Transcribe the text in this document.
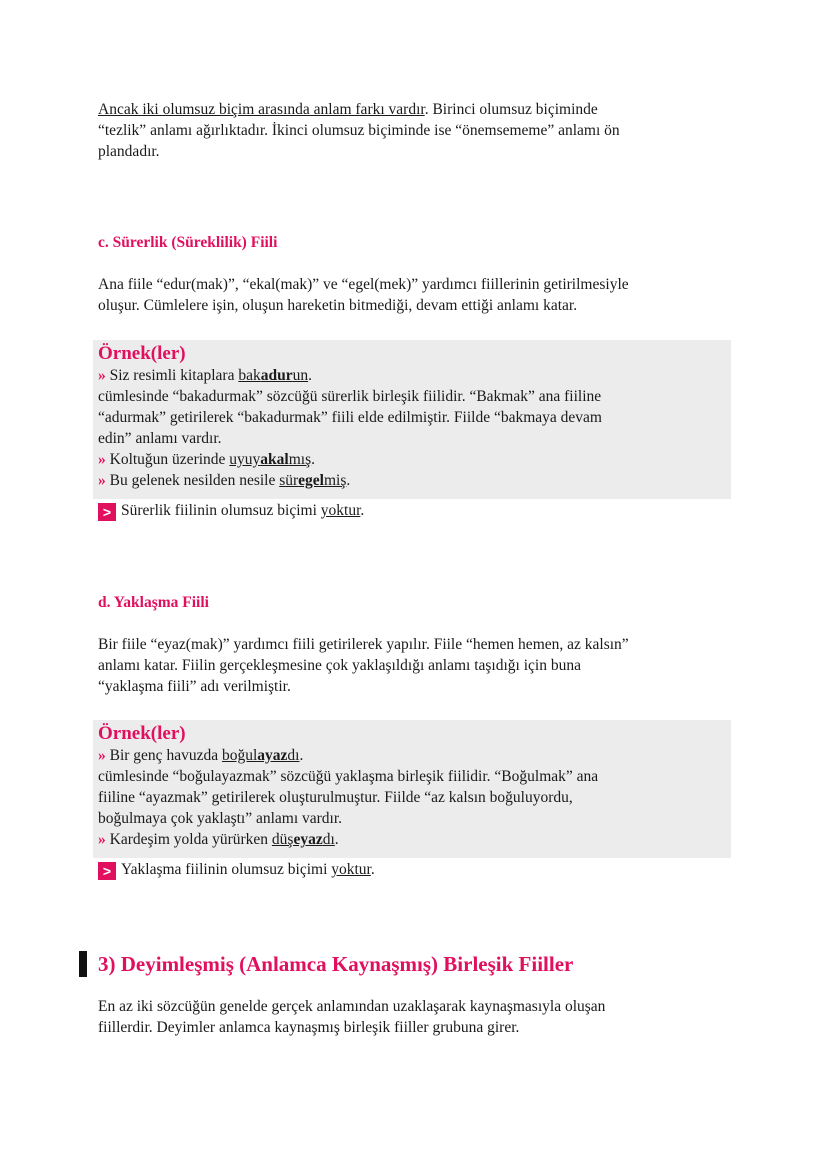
Ancak iki olumsuz biçim arasında anlam farkı vardır. Birinci olumsuz biçiminde
“tezlik” anlamı ağırlıktadır. İkinci olumsuz biçiminde ise “önemsememe” anlamı ön
plandadır.
c. Sürerlik (Süreklilik) Fiili
Ana fiile “edur(mak)”, “ekal(mak)” ve “egel(mek)” yardımcı fiillerinin getirilmesiyle
oluşur. Cümlelere işin, oluşun hareketin bitmediği, devam ettiği anlamı katar.
Örnek(ler)
» Siz resimli kitaplara bakadurun.
cümlesinde “bakadurmak” sözcüğü sürerlik birleşik fiilidir. “Bakmak” ana fiiline
“adurmak” getirilerek “bakadurmak” fiili elde edilmiştir. Fiilde “bakmaya devam
edin” anlamı vardır.
» Koltuğun üzerinde uyuyakalmış.
» Bu gelenek nesilden nesile süregelmiş.
> Sürerlik fiilinin olumsuz biçimi yoktur.
d. Yaklaşma Fiili
Bir fiile “eyaz(mak)” yardımcı fiili getirilerek yapılır. Fiile “hemen hemen, az kalsın”
anlamı katar. Fiilin gerçekleşmesine çok yaklaşıldığı anlamı taşıdığı için buna
“yaklaşma fiili” adı verilmiştir.
Örnek(ler)
» Bir genç havuzda boğulayazdı.
cümlesinde “boğulayazmak” sözcüğü yaklaşma birleşik fiilidir. “Boğulmak” ana
fiiline “ayazmak” getirilerek oluşturulmuştur. Fiilde “az kalsın boğuluyordu,
boğulmaya çok yaklaştı” anlamı vardır.
» Kardeşim yolda yürürken düşeyazdı.
> Yaklaşma fiilinin olumsuz biçimi yoktur.
3) Deyimleşmiş (Anlamca Kaynaşmış) Birleşik Fiiller
En az iki sözcüğün genelde gerçek anlamından uzaklaşarak kaynaşmasıyla oluşan
fiillerdir. Deyimler anlamca kaynaşmış birleşik fiiller grubuna girer.
